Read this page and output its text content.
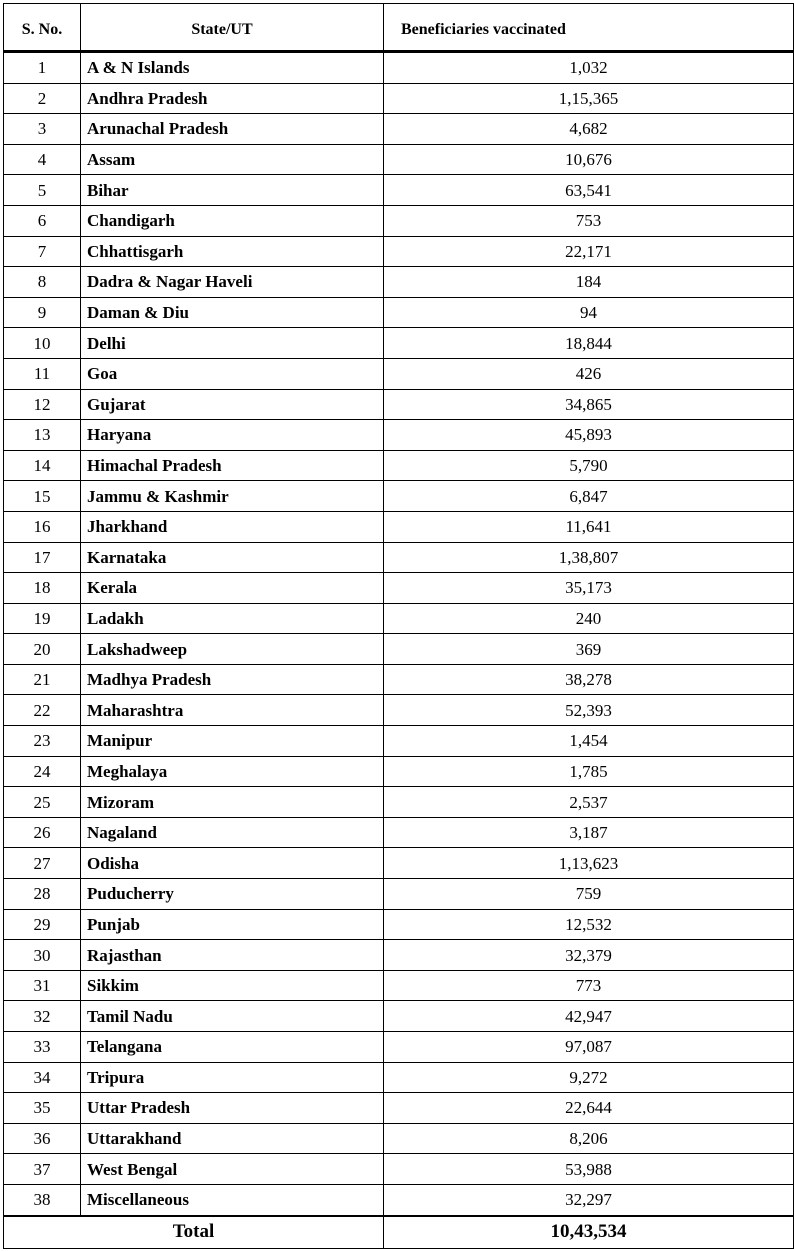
S. No.	State/UT	Beneficiaries vaccinated
1	A & N Islands	1,032
2	Andhra Pradesh	1,15,365
3	Arunachal Pradesh	4,682
4	Assam	10,676
5	Bihar	63,541
6	Chandigarh	753
7	Chhattisgarh	22,171
8	Dadra & Nagar Haveli	184
9	Daman & Diu	94
10	Delhi	18,844
11	Goa	426
12	Gujarat	34,865
13	Haryana	45,893
14	Himachal Pradesh	5,790
15	Jammu & Kashmir	6,847
16	Jharkhand	11,641
17	Karnataka	1,38,807
18	Kerala	35,173
19	Ladakh	240
20	Lakshadweep	369
21	Madhya Pradesh	38,278
22	Maharashtra	52,393
23	Manipur	1,454
24	Meghalaya	1,785
25	Mizoram	2,537
26	Nagaland	3,187
27	Odisha	1,13,623
28	Puducherry	759
29	Punjab	12,532
30	Rajasthan	32,379
31	Sikkim	773
32	Tamil Nadu	42,947
33	Telangana	97,087
34	Tripura	9,272
35	Uttar Pradesh	22,644
36	Uttarakhand	8,206
37	West Bengal	53,988
38	Miscellaneous	32,297
Total		10,43,534
